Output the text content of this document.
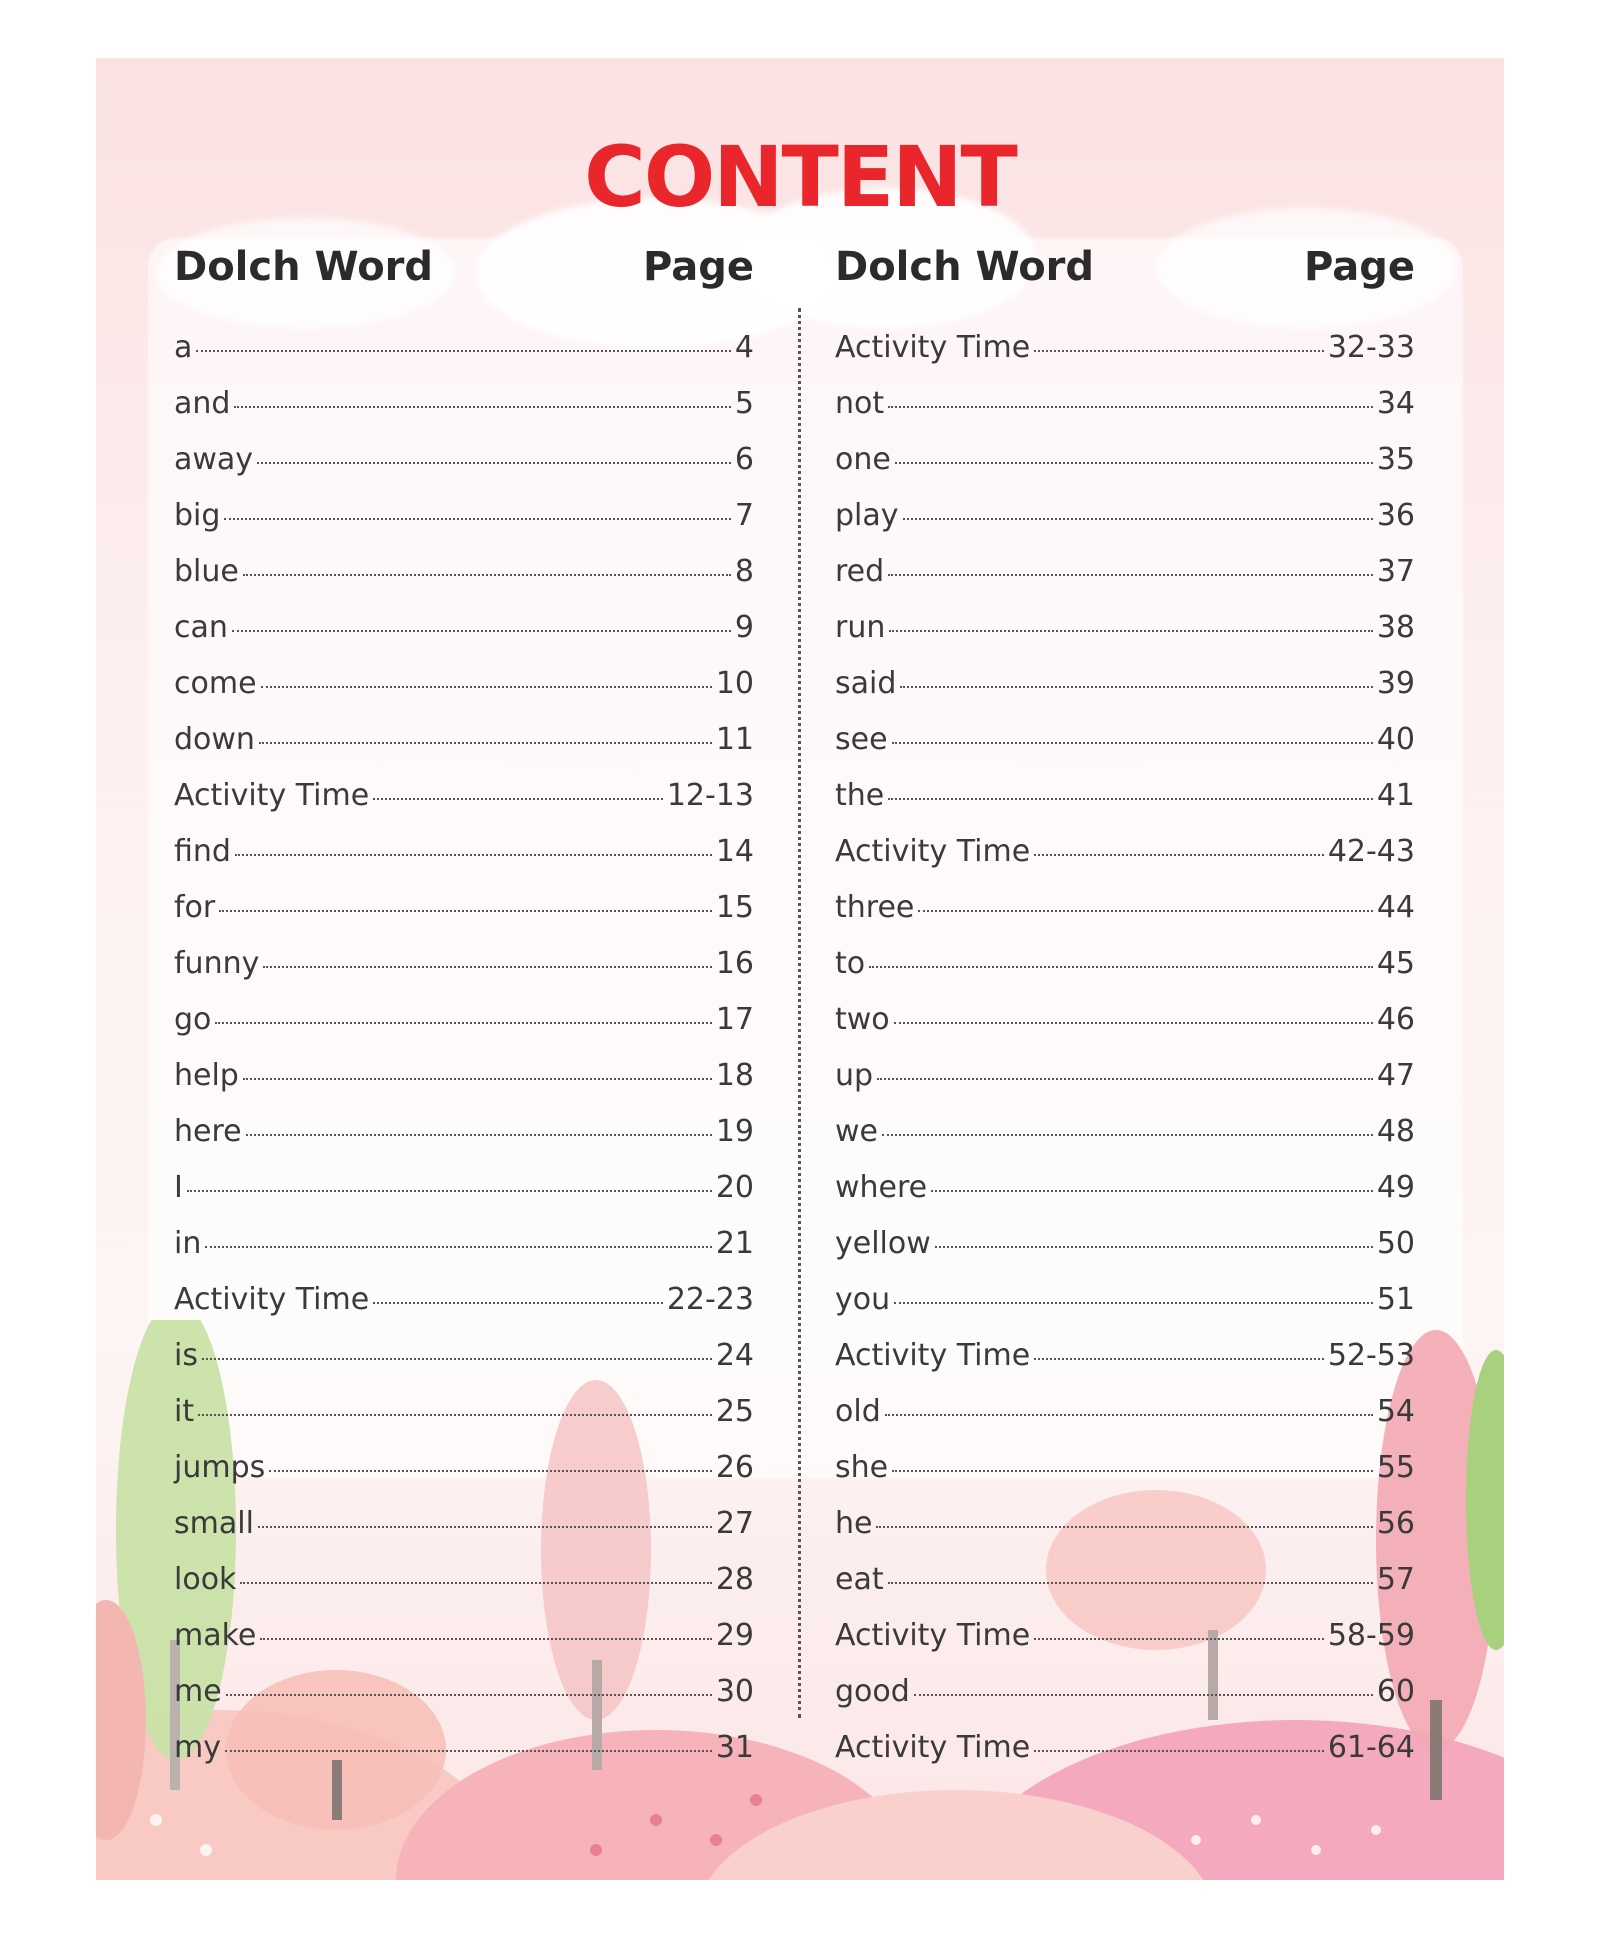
CONTENT
Dolch Word	Page
a	4
and	5
away	6
big	7
blue	8
can	9
come	10
down	11
Activity Time	12-13
find	14
for	15
funny	16
go	17
help	18
here	19
I	20
in	21
Activity Time	22-23
is	24
it	25
jumps	26
small	27
look	28
make	29
me	30
my	31
Dolch Word	Page
Activity Time	32-33
not	34
one	35
play	36
red	37
run	38
said	39
see	40
the	41
Activity Time	42-43
three	44
to	45
two	46
up	47
we	48
where	49
yellow	50
you	51
Activity Time	52-53
old	54
she	55
he	56
eat	57
Activity Time	58-59
good	60
Activity Time	61-64
